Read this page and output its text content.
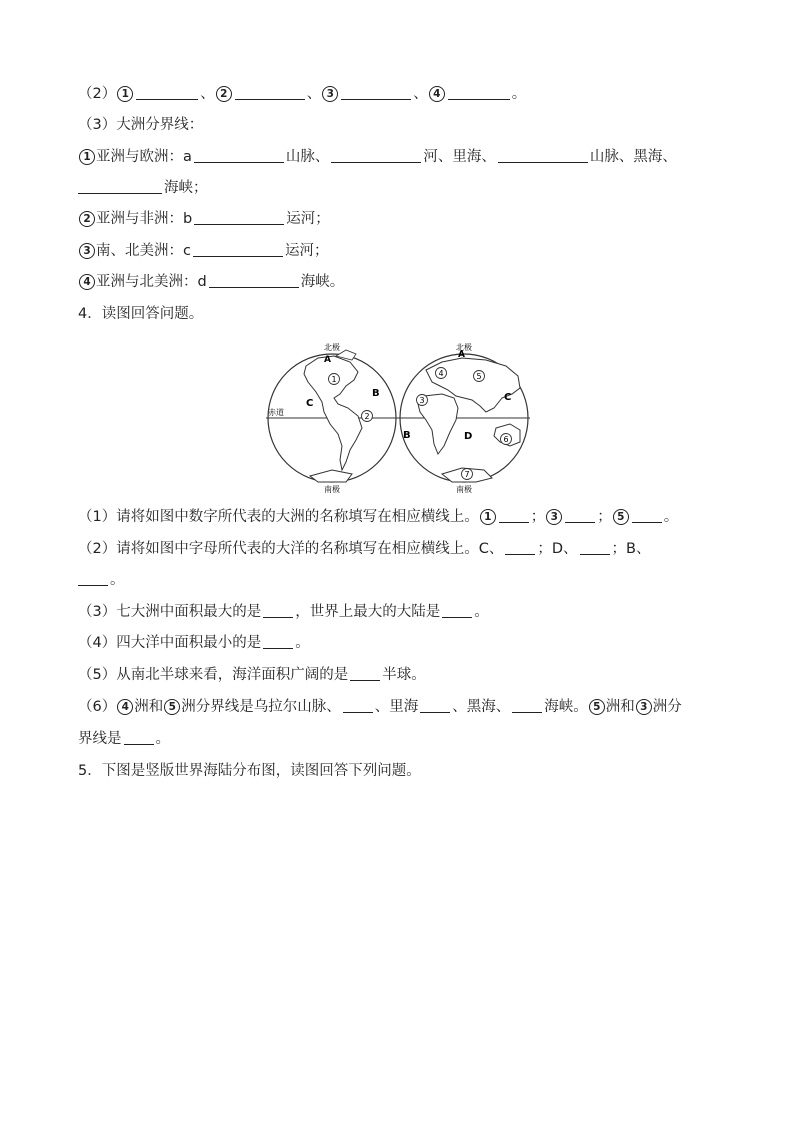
（2） 1	、 2	、 3	、 4	。
（3）大洲分界线：
1 亚洲与欧洲：a	山脉、	河、里海、	山脉、黑海、
海峡；
2 亚洲与非洲：b	运河；
3 南、北美洲：c	运河；
4 亚洲与北美洲：d	海峡。
4．读图回答问题。
北极	北极
南极	南极
赤道
A
1
2
B
C
A
4	5
3	C
B	D	6
7
（1）请将如图中数字所代表的大洲的名称填写在相应横线上。 1	； 3	； 5	。
（2）请将如图中字母所代表的大洋的名称填写在相应横线上。C、 ；D、 ；B、
。
（3）七大洲中面积最大的是 ，世界上最大的大陆是 。
（4）四大洋中面积最小的是 。
（5）从南北半球来看，海洋面积广阔的是 半球。
（6） 4 洲和 5 洲分界线是乌拉尔山脉、 、里海 、黑海、 海峡。 5 洲和 3 洲分
界线是 。
5．下图是竖版世界海陆分布图，读图回答下列问题。
